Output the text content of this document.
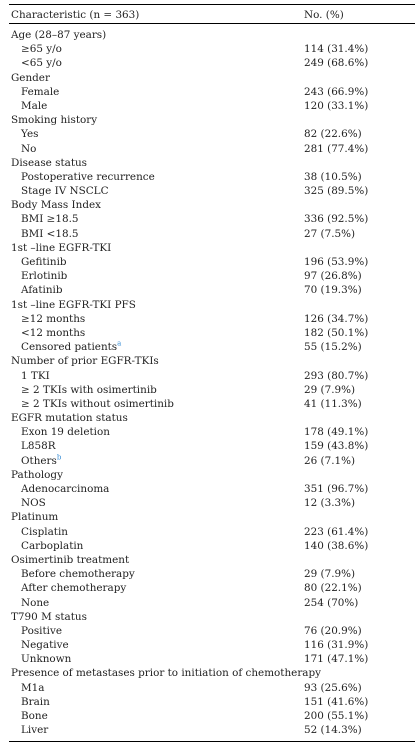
Characteristic (n = 363)	No. (%)
Age (28–87 years)
≥65 y/o	114 (31.4%)
<65 y/o	249 (68.6%)
Gender
Female	243 (66.9%)
Male	120 (33.1%)
Smoking history
Yes	82 (22.6%)
No	281 (77.4%)
Disease status
Postoperative recurrence	38 (10.5%)
Stage IV NSCLC	325 (89.5%)
Body Mass Index
BMI ≥18.5	336 (92.5%)
BMI <18.5	27 (7.5%)
1st –line EGFR-TKI
Gefitinib	196 (53.9%)
Erlotinib	97 (26.8%)
Afatinib	70 (19.3%)
1st –line EGFR-TKI PFS
≥12 months	126 (34.7%)
<12 months	182 (50.1%)
Censored patients$^a$	55 (15.2%)
Number of prior EGFR-TKIs
1 TKI	293 (80.7%)
≥ 2 TKIs with osimertinib	29 (7.9%)
≥ 2 TKIs without osimertinib	41 (11.3%)
EGFR mutation status
Exon 19 deletion	178 (49.1%)
L858R	159 (43.8%)
Others$^b$	26 (7.1%)
Pathology
Adenocarcinoma	351 (96.7%)
NOS	12 (3.3%)
Platinum
Cisplatin	223 (61.4%)
Carboplatin	140 (38.6%)
Osimertinib treatment
Before chemotherapy	29 (7.9%)
After chemotherapy	80 (22.1%)
None	254 (70%)
T790 M status
Positive	76 (20.9%)
Negative	116 (31.9%)
Unknown	171 (47.1%)
Presence of metastases prior to initiation of chemotherapy
M1a	93 (25.6%)
Brain	151 (41.6%)
Bone	200 (55.1%)
Liver	52 (14.3%)
